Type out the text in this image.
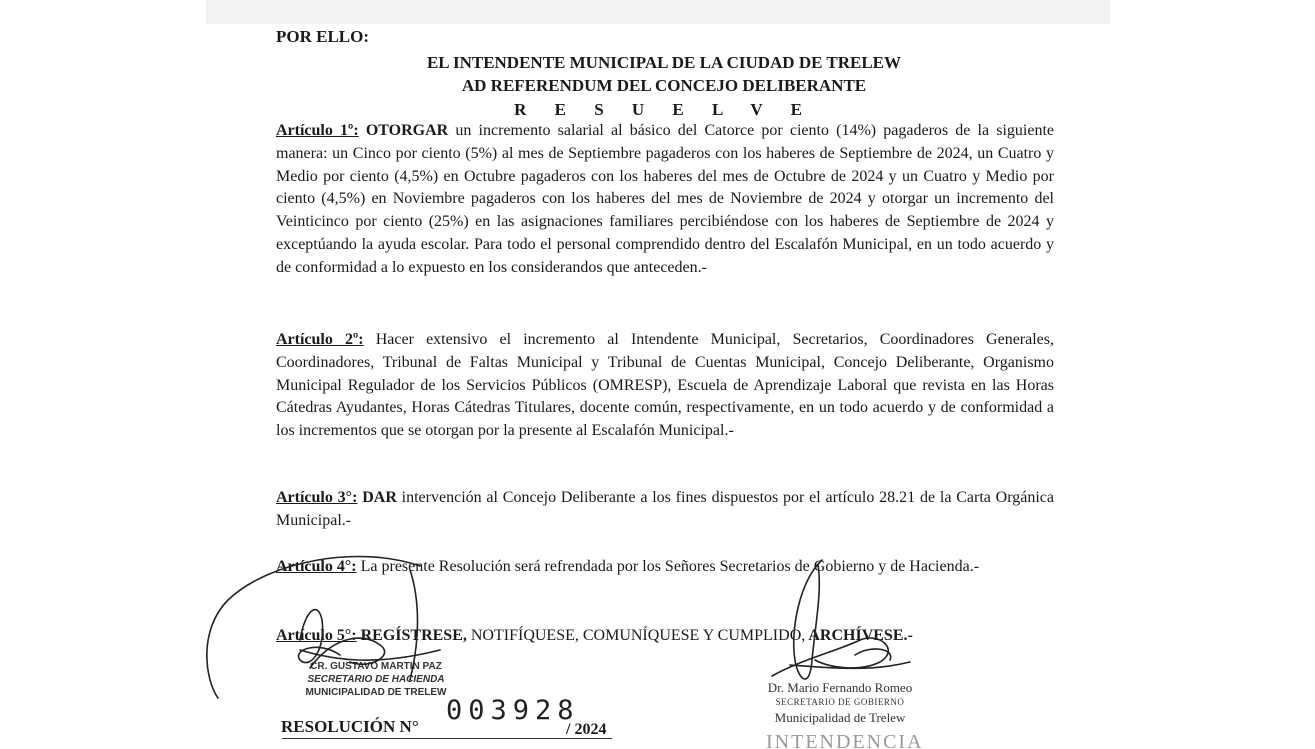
POR ELLO:
EL INTENDENTE MUNICIPAL DE LA CIUDAD DE TRELEW
AD REFERENDUM DEL CONCEJO DELIBERANTE
R E S U E L V E

Artículo 1º: OTORGAR un incremento salarial al básico del Catorce por ciento (14%) pagaderos de la siguiente manera: un Cinco por ciento (5%) al mes de Septiembre pagaderos con los haberes de Septiembre de 2024, un Cuatro y Medio por ciento (4,5%) en Octubre pagaderos con los haberes del mes de Octubre de 2024 y un Cuatro y Medio por ciento (4,5%) en Noviembre pagaderos con los haberes del mes de Noviembre de 2024 y otorgar un incremento del Veinticinco por ciento (25%) en las asignaciones familiares percibiéndose con los haberes de Septiembre de 2024 y exceptúando la ayuda escolar. Para todo el personal comprendido dentro del Escalafón Municipal, en un todo acuerdo y de conformidad a lo expuesto en los considerandos que anteceden.-

Artículo 2º: Hacer extensivo el incremento al Intendente Municipal, Secretarios, Coordinadores Generales, Coordinadores, Tribunal de Faltas Municipal y Tribunal de Cuentas Municipal, Concejo Deliberante, Organismo Municipal Regulador de los Servicios Públicos (OMRESP), Escuela de Aprendizaje Laboral que revista en las Horas Cátedras Ayudantes, Horas Cátedras Titulares, docente común, respectivamente, en un todo acuerdo y de conformidad a los incrementos que se otorgan por la presente al Escalafón Municipal.-

Artículo 3°: DAR intervención al Concejo Deliberante a los fines dispuestos por el artículo 28.21 de la Carta Orgánica Municipal.-

Artículo 4°: La presente Resolución será refrendada por los Señores Secretarios de Gobierno y de Hacienda.-

Artículo 5°: REGÍSTRESE, NOTIFÍQUESE, COMUNÍQUESE Y CUMPLIDO, ARCHÍVESE.-

CR. GUSTAVO MARTIN PAZ
SECRETARIO DE HACIENDA
MUNICIPALIDAD DE TRELEW	Dr. Mario Fernando Romeo
SECRETARIO DE GOBIERNO
Municipalidad de Trelew
003928
RESOLUCIÓN N°	/ 2024
INTENDENCIA
